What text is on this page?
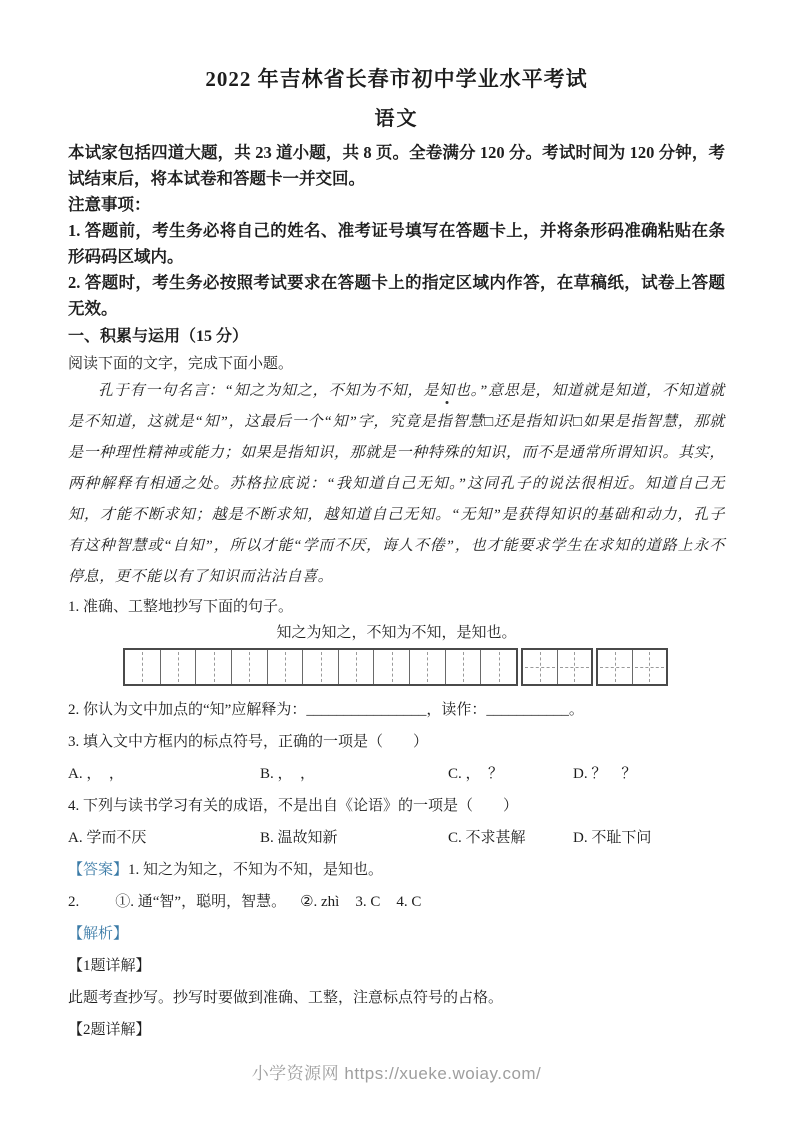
2022 年吉林省长春市初中学业水平考试
语文

本试家包括四道大题，共 23 道小题，共 8 页。全卷满分 120 分。考试时间为 120 分钟，考试结束后，将本试卷和答题卡一并交回。

注意事项：

1. 答题前，考生务必将自己的姓名、准考证号填写在答题卡上，并将条形码准确粘贴在条形码码区域内。

2. 答题时，考生务必按照考试要求在答题卡上的指定区域内作答，在草稿纸，试卷上答题无效。

一、积累与运用（15 分）

阅读下面的文字，完成下面小题。

孔于有一句名言：“知之为知之，不知为不知，是知也。”意思是，知道就是知道，不知道就是不知道，这就是“知”，这最后一个“知”字，究竟是指智慧□还是指知识□如果是指智慧，那就是一种理性精神或能力；如果是指知识，那就是一种特殊的知识，而不是通常所谓知识。其实，两种解释有相通之处。苏格拉底说：“我知道自己无知。”这同孔子的说法很相近。知道自己无知，才能不断求知；越是不断求知，越知道自己无知。“无知”是获得知识的基础和动力，孔子有这种智慧或“自知”，所以才能“学而不厌，诲人不倦”，也才能要求学生在求知的道路上永不停息，更不能以有了知识而沾沾自喜。

1. 准确、工整地抄写下面的句子。

知之为知之，不知为不知，是知也。

2. 你认为文中加点的“知”应解释为：________________，读作：___________。

3. 填入文中方框内的标点符号，正确的一项是（　　）

A. ，　，	B. ，　，	C. ，　？	D. ？　？

4. 下列与读书学习有关的成语，不是出自《论语》的一项是（　　）

A. 学而不厌	B. 温故知新	C. 不求甚解	D. 不耻下问

【答案】1. 知之为知之，不知为不知，是知也。

2. ①. 通“智”，聪明，智慧。 ②. zhì 3. C 4. C

【解析】

【1题详解】

此题考查抄写。抄写时要做到准确、工整，注意标点符号的占格。

【2题详解】

小学资源网 https://xueke.woiay.com/
